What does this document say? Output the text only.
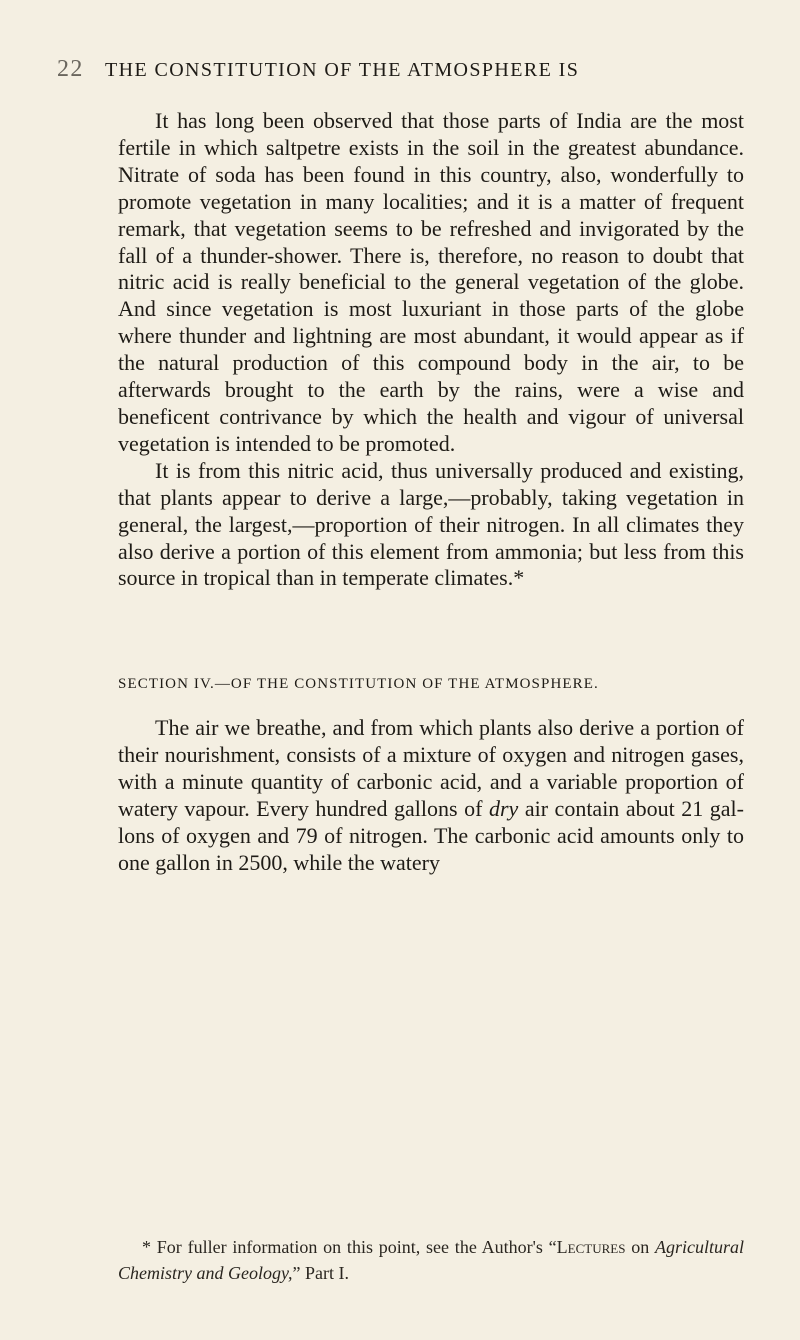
22 THE CONSTITUTION OF THE ATMOSPHERE IS

It has long been observed that those parts of India are the most fertile in which saltpetre exists in the soil in the greatest abundance. Nitrate of soda has been found in this country, also, wonderfully to promote vegetation in many localities; and it is a matter of frequent remark, that vegetation seems to be refreshed and invigorated by the fall of a thunder-shower. There is, therefore, no reason to doubt that nitric acid is really beneficial to the general vegetation of the globe. And since vegetation is most luxuriant in those parts of the globe where thunder and lightning are most abundant, it would appear as if the natural production of this compound body in the air, to be afterwards brought to the earth by the rains, were a wise and beneficent contrivance by which the health and vigour of universal vegetation is intended to be promoted.

It is from this nitric acid, thus universally produced and existing, that plants appear to derive a large,—probably, taking vegetation in general, the largest,—proportion of their nitrogen. In all climates they also derive a portion of this element from ammonia; but less from this source in tropical than in temperate climates.*

SECTION IV.—OF THE CONSTITUTION OF THE ATMOSPHERE.

The air we breathe, and from which plants also derive a portion of their nourishment, consists of a mixture of oxygen and nitrogen gases, with a minute quantity of carbonic acid, and a variable proportion of watery vapour. Every hundred gallons of dry air contain about 21 gallons of oxygen and 79 of nitrogen. The carbonic acid amounts only to one gallon in 2500, while the watery

* For fuller information on this point, see the Author's “Lectures on Agricultural Chemistry and Geology,” Part I.
